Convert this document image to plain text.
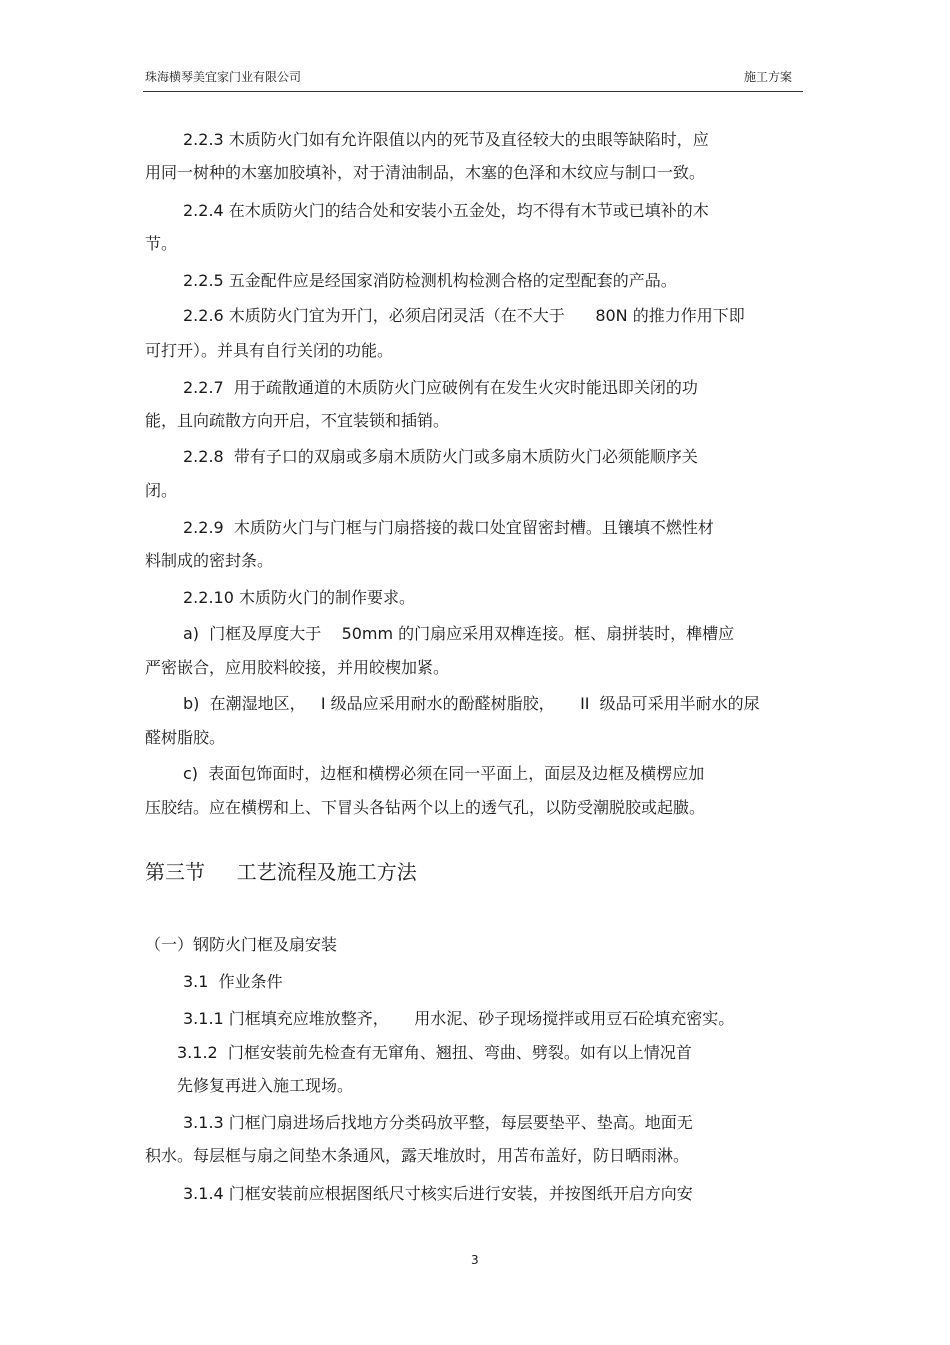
珠海横琴美宜家门业有限公司	施工方案
2.2.3 木质防火门如有允许限值以内的死节及直径较大的虫眼等缺陷时，应
用同一树种的木塞加胶填补，对于清油制品，木塞的色泽和木纹应与制口一致。
2.2.4 在木质防火门的结合处和安装小五金处，均不得有木节或已填补的木
节。
2.2.5 五金配件应是经国家消防检测机构检测合格的定型配套的产品。
2.2.6 木质防火门宜为开门，必须启闭灵活（在不大于      80N 的推力作用下即
可打开）。并具有自行关闭的功能。
2.2.7  用于疏散通道的木质防火门应破例有在发生火灾时能迅即关闭的功
能，且向疏散方向开启，不宜装锁和插销。
2.2.8  带有子口的双扇或多扇木质防火门或多扇木质防火门必须能顺序关
闭。
2.2.9  木质防火门与门框与门扇搭接的裁口处宜留密封槽。且镶填不燃性材
料制成的密封条。
2.2.10 木质防火门的制作要求。
a)  门框及厚度大于    50mm 的门扇应采用双榫连接。框、扇拼装时，榫槽应
严密嵌合，应用胶料皎接，并用皎楔加紧。
b)  在潮湿地区，   I 级品应采用耐水的酚醛树脂胶，     II  级品可采用半耐水的尿
醛树脂胶。
c)  表面包饰面时，边框和横楞必须在同一平面上，面层及边框及横楞应加
压胶结。应在横楞和上、下冒头各钻两个以上的透气孔，以防受潮脱胶或起臌。
第三节     工艺流程及施工方法
（一）钢防火门框及扇安装
3.1  作业条件
3.1.1 门框填充应堆放整齐，     用水泥、砂子现场搅拌或用豆石砼填充密实。
3.1.2  门框安装前先检查有无窜角、翘扭、弯曲、劈裂。如有以上情况首
先修复再进入施工现场。
3.1.3 门框门扇进场后找地方分类码放平整，每层要垫平、垫高。地面无
积水。每层框与扇之间垫木条通风，露天堆放时，用苫布盖好，防日晒雨淋。
3.1.4 门框安装前应根据图纸尺寸核实后进行安装，并按图纸开启方向安
3
